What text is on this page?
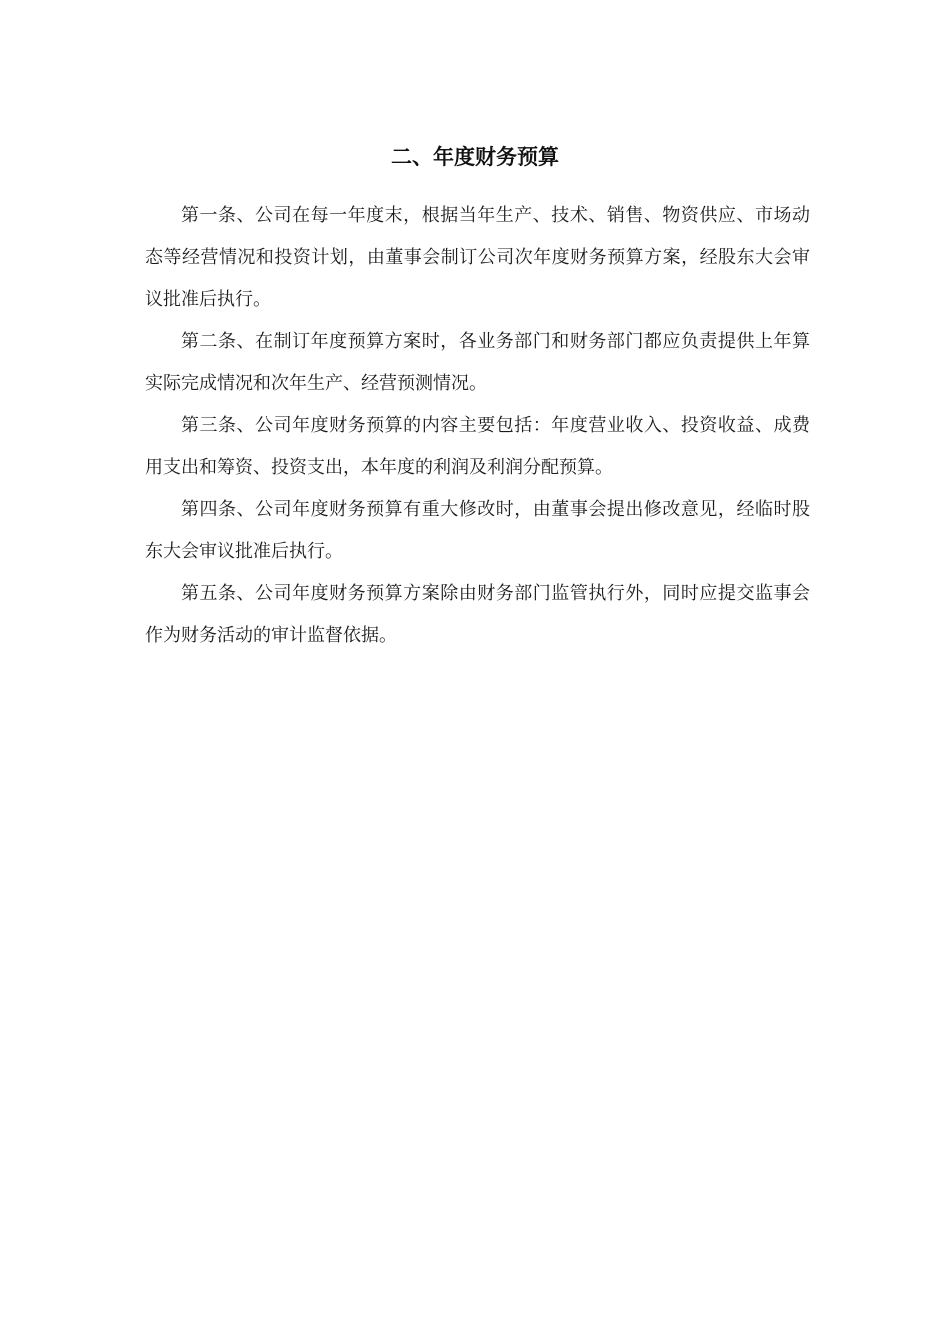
二、年度财务预算

第一条、公司在每一年度末，根据当年生产、技术、销售、物资供应、市场动态等经营情况和投资计划，由董事会制订公司次年度财务预算方案，经股东大会审议批准后执行。

第二条、在制订年度预算方案时，各业务部门和财务部门都应负责提供上年算实际完成情况和次年生产、经营预测情况。

第三条、公司年度财务预算的内容主要包括：年度营业收入、投资收益、成费用支出和筹资、投资支出，本年度的利润及利润分配预算。

第四条、公司年度财务预算有重大修改时，由董事会提出修改意见，经临时股东大会审议批准后执行。

第五条、公司年度财务预算方案除由财务部门监管执行外，同时应提交监事会作为财务活动的审计监督依据。
